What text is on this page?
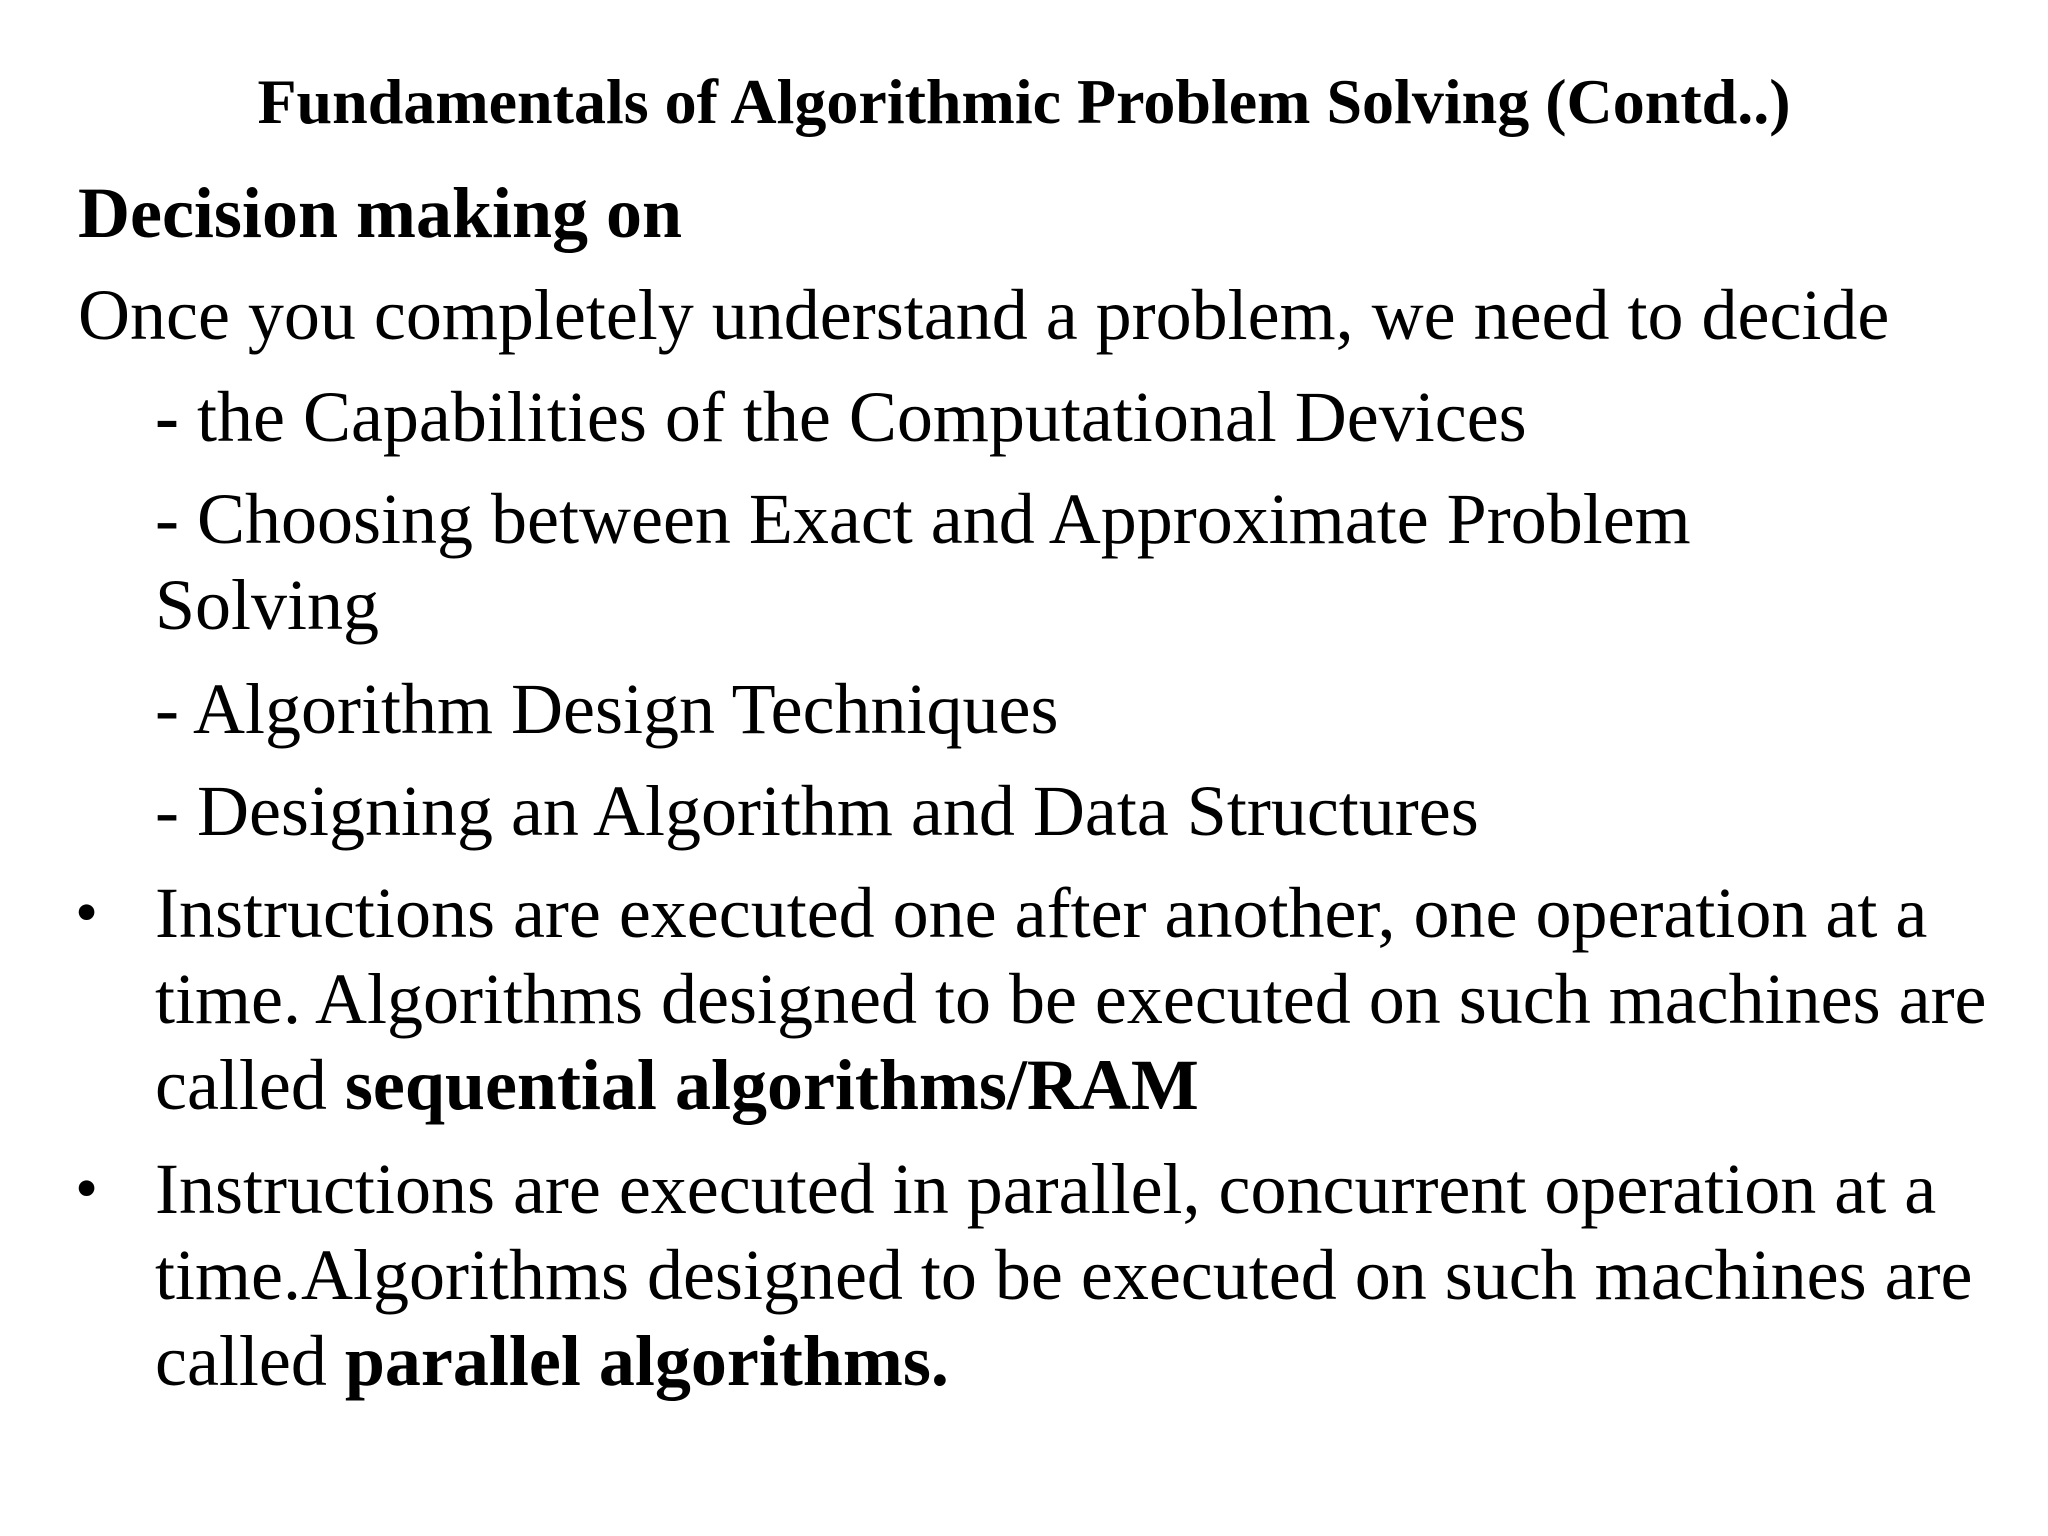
Fundamentals of Algorithmic Problem Solving (Contd..)
Decision making on
Once you completely understand a problem, we need to decide
- the Capabilities of the Computational Devices
- Choosing between Exact and Approximate Problem
Solving
- Algorithm Design Techniques
- Designing an Algorithm and Data Structures
• Instructions are executed one after another, one operation at a
time. Algorithms designed to be executed on such machines are
called sequential algorithms/RAM
• Instructions are executed in parallel, concurrent operation at a
time.Algorithms designed to be executed on such machines are
called parallel algorithms.
